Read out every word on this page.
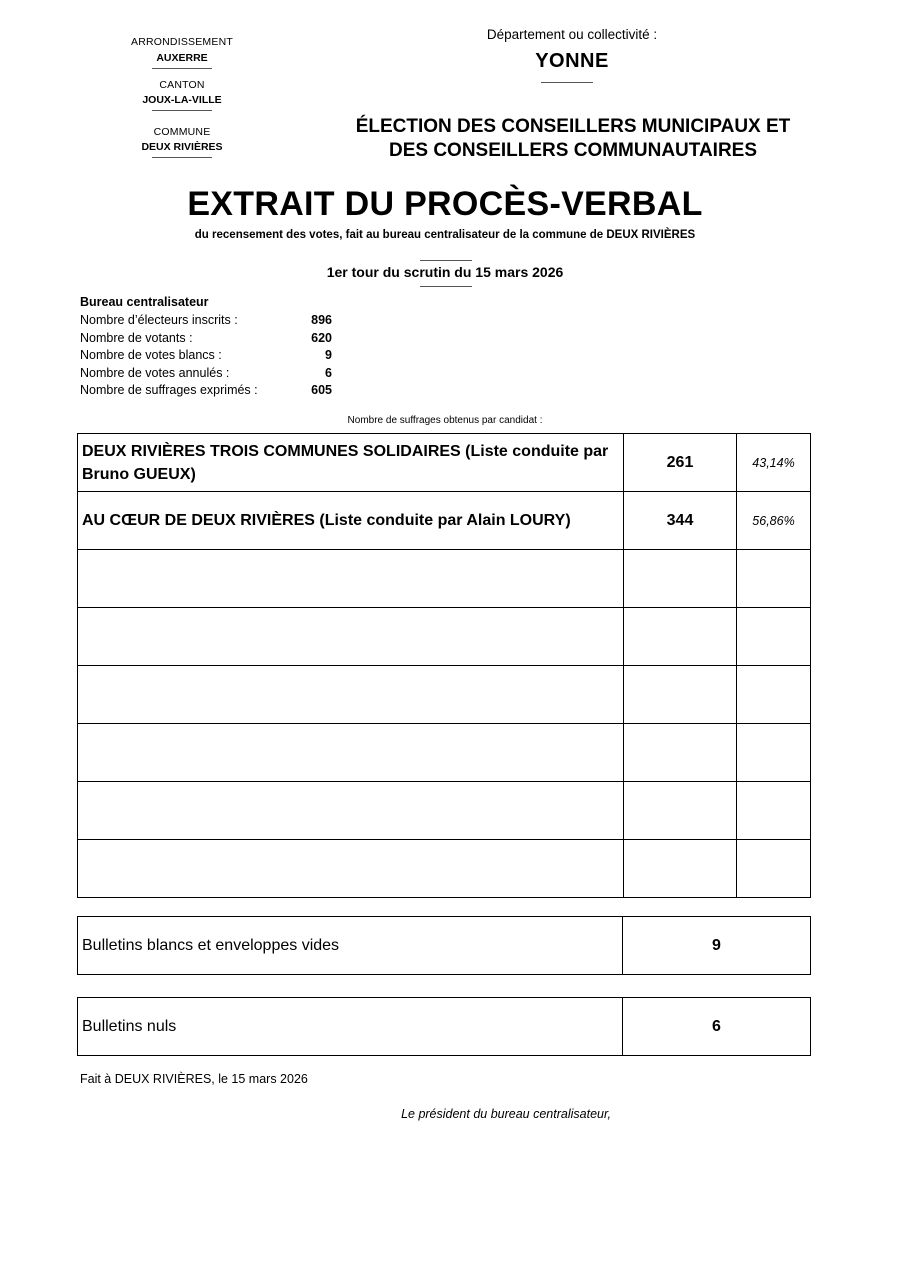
ARRONDISSEMENT
AUXERRE
CANTON
JOUX-LA-VILLE
COMMUNE
DEUX RIVIÈRES
Département ou collectivité :
YONNE
ÉLECTION DES CONSEILLERS MUNICIPAUX ET
DES CONSEILLERS COMMUNAUTAIRES
EXTRAIT DU PROCÈS-VERBAL
du recensement des votes, fait au bureau centralisateur de la commune de DEUX RIVIÈRES
1er tour du scrutin du 15 mars 2026
Bureau centralisateur
Nombre d’électeurs inscrits :	896
Nombre de votants :	620
Nombre de votes blancs :	9
Nombre de votes annulés :	6
Nombre de suffrages exprimés :	605
Nombre de suffrages obtenus par candidat :
DEUX RIVIÈRES TROIS COMMUNES SOLIDAIRES (Liste conduite par Bruno GUEUX)	261	43,14%
AU CŒUR DE DEUX RIVIÈRES (Liste conduite par Alain LOURY)	344	56,86%

Bulletins blancs et enveloppes vides	9
Bulletins nuls	6
Fait à DEUX RIVIÈRES, le 15 mars 2026
Le président du bureau centralisateur,
